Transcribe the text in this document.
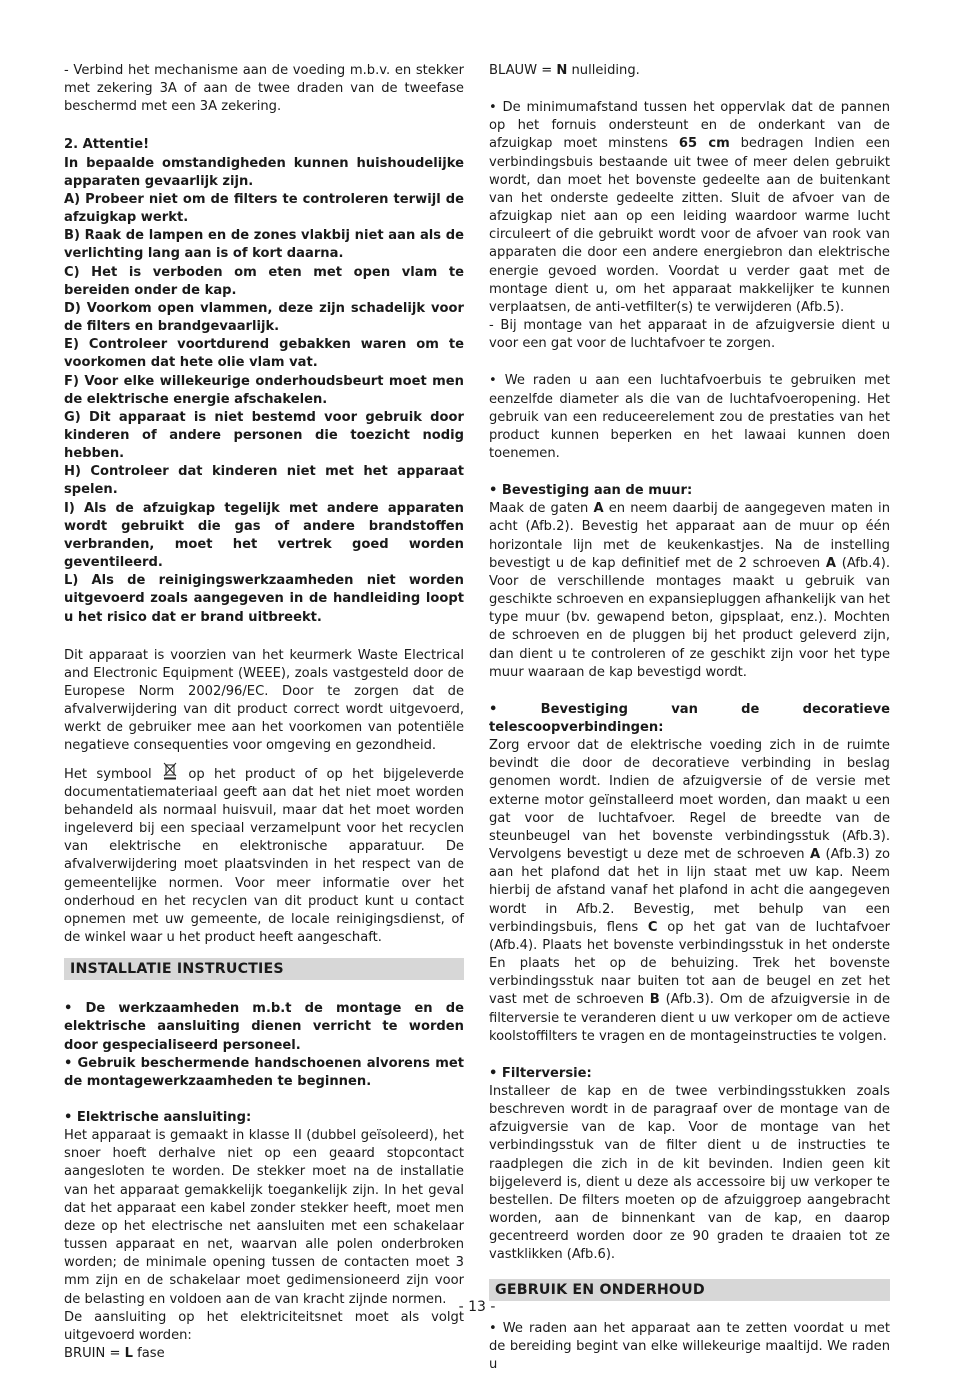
- Verbind het mechanisme aan de voeding m.b.v. en stekker met zekering 3A of aan de twee draden van de tweefase beschermd met een 3A zekering.

2. Attentie!

In bepaalde omstandigheden kunnen huishoudelijke apparaten gevaarlijk zijn.

A) Probeer niet om de filters te controleren terwijl de afzuigkap werkt.

B) Raak de lampen en de zones vlakbij niet aan als de verlichting lang aan is of kort daarna.

C) Het is verboden om eten met open vlam te bereiden onder de kap.

D) Voorkom open vlammen, deze zijn schadelijk voor de filters en brandgevaarlijk.

E) Controleer voortdurend gebakken waren om te voorkomen dat hete olie vlam vat.

F) Voor elke willekeurige onderhoudsbeurt moet men de elektrische energie afschakelen.

G) Dit apparaat is niet bestemd voor gebruik door kinderen of andere personen die toezicht nodig hebben.

H) Controleer dat kinderen niet met het apparaat spelen.

I) Als de afzuigkap tegelijk met andere apparaten wordt gebruikt die gas of andere brandstoffen verbranden, moet het vertrek goed worden geventileerd.

L) Als de reinigingswerkzaamheden niet worden uitgevoerd zoals aangegeven in de handleiding loopt u het risico dat er brand uitbreekt.

Dit apparaat is voorzien van het keurmerk Waste Electrical and Electronic Equipment (WEEE), zoals vastgesteld door de Europese Norm 2002/96/EC. Door te zorgen dat de afvalverwijdering van dit product correct wordt uitgevoerd, werkt de gebruiker mee aan het voorkomen van potentiële negatieve consequenties voor omgeving en gezondheid.

Het symbool	op het product of op het bijgeleverde documentatiemateriaal geeft aan dat het niet moet worden behandeld als normaal huisvuil, maar dat het moet worden ingeleverd bij een speciaal verzamelpunt voor het recyclen van elektrische en elektronische apparatuur. De afvalverwijdering moet plaatsvinden in het respect van de gemeentelijke normen. Voor meer informatie over het onderhoud en het recyclen van dit product kunt u contact opnemen met uw gemeente, de locale reinigingsdienst, of de winkel waar u het product heeft aangeschaft.

INSTALLATIE INSTRUCTIES

• De werkzaamheden m.b.t de montage en de elektrische aansluiting dienen verricht te worden door gespecialiseerd personeel.

• Gebruik beschermende handschoenen alvorens met de montagewerkzaamheden te beginnen.

• Elektrische aansluiting:

Het apparaat is gemaakt in klasse II (dubbel geïsoleerd), het snoer hoeft derhalve niet op een geaard stopcontact aangesloten te worden. De stekker moet na de installatie van het apparaat gemakkelijk toegankelijk zijn. In het geval dat het apparaat een kabel zonder stekker heeft, moet men deze op het electrische net aansluiten met een schakelaar tussen apparaat en net, waarvan alle polen onderbroken worden; de minimale opening tussen de contacten moet 3 mm zijn en de schakelaar moet gedimensioneerd zijn voor de belasting en voldoen aan de van kracht zijnde normen.

De aansluiting op het elektriciteitsnet moet als volgt uitgevoerd worden:

BRUIN = L fase

BLAUW = N nulleiding.

• De minimumafstand tussen het oppervlak dat de pannen op het fornuis ondersteunt en de onderkant van de afzuigkap moet minstens 65 cm bedragen Indien een verbindingsbuis bestaande uit twee of meer delen gebruikt wordt, dan moet het bovenste gedeelte aan de buitenkant van het onderste gedeelte zitten. Sluit de afvoer van de afzuigkap niet aan op een leiding waardoor warme lucht circuleert of die gebruikt wordt voor de afvoer van rook van apparaten die door een andere energiebron dan elektrische energie gevoed worden. Voordat u verder gaat met de montage dient u, om het apparaat makkelijker te kunnen verplaatsen, de anti-vetfilter(s) te verwijderen (Afb.5).

- Bij montage van het apparaat in de afzuigversie dient u voor een gat voor de luchtafvoer te zorgen.

• We raden u aan een luchtafvoerbuis te gebruiken met eenzelfde diameter als die van de luchtafvoeropening. Het gebruik van een reduceerelement zou de prestaties van het product kunnen beperken en het lawaai kunnen doen toenemen.

• Bevestiging aan de muur:

Maak de gaten A en neem daarbij de aangegeven maten in acht (Afb.2). Bevestig het apparaat aan de muur op één horizontale lijn met de keukenkastjes. Na de instelling bevestigt u de kap definitief met de 2 schroeven A (Afb.4). Voor de verschillende montages maakt u gebruik van geschikte schroeven en expansiepluggen afhankelijk van het type muur (bv. gewapend beton, gipsplaat, enz.). Mochten de schroeven en de pluggen bij het product geleverd zijn, dan dient u te controleren of ze geschikt zijn voor het type muur waaraan de kap bevestigd wordt.

• Bevestiging van de decoratieve telescoopverbindingen:

Zorg ervoor dat de elektrische voeding zich in de ruimte bevindt die door de decoratieve verbinding in beslag genomen wordt. Indien de afzuigversie of de versie met externe motor geïnstalleerd moet worden, dan maakt u een gat voor de luchtafvoer. Regel de breedte van de steunbeugel van het bovenste verbindingsstuk (Afb.3). Vervolgens bevestigt u deze met de schroeven A (Afb.3) zo aan het plafond dat het in lijn staat met uw kap. Neem hierbij de afstand vanaf het plafond in acht die aangegeven wordt in Afb.2. Bevestig, met behulp van een verbindingsbuis, flens C op het gat van de luchtafvoer (Afb.4). Plaats het bovenste verbindingsstuk in het onderste En plaats het op de behuizing. Trek het bovenste verbindingsstuk naar buiten tot aan de beugel en zet het vast met de schroeven B (Afb.3). Om de afzuigversie in de filterversie te veranderen dient u uw verkoper om de actieve koolstoffilters te vragen en de montageinstructies te volgen.

• Filterversie:

Installeer de kap en de twee verbindingsstukken zoals beschreven wordt in de paragraaf over de montage van de afzuigversie van de kap. Voor de montage van het verbindingsstuk van de filter dient u de instructies te raadplegen die zich in de kit bevinden. Indien geen kit bijgeleverd is, dient u deze als accessoire bij uw verkoper te bestellen. De filters moeten op de afzuiggroep aangebracht worden, aan de binnenkant van de kap, en daarop gecentreerd worden door ze 90 graden te draaien tot ze vastklikken (Afb.6).

GEBRUIK EN ONDERHOUD

• We raden aan het apparaat aan te zetten voordat u met de bereiding begint van elke willekeurige maaltijd. We raden u

- 13 -
